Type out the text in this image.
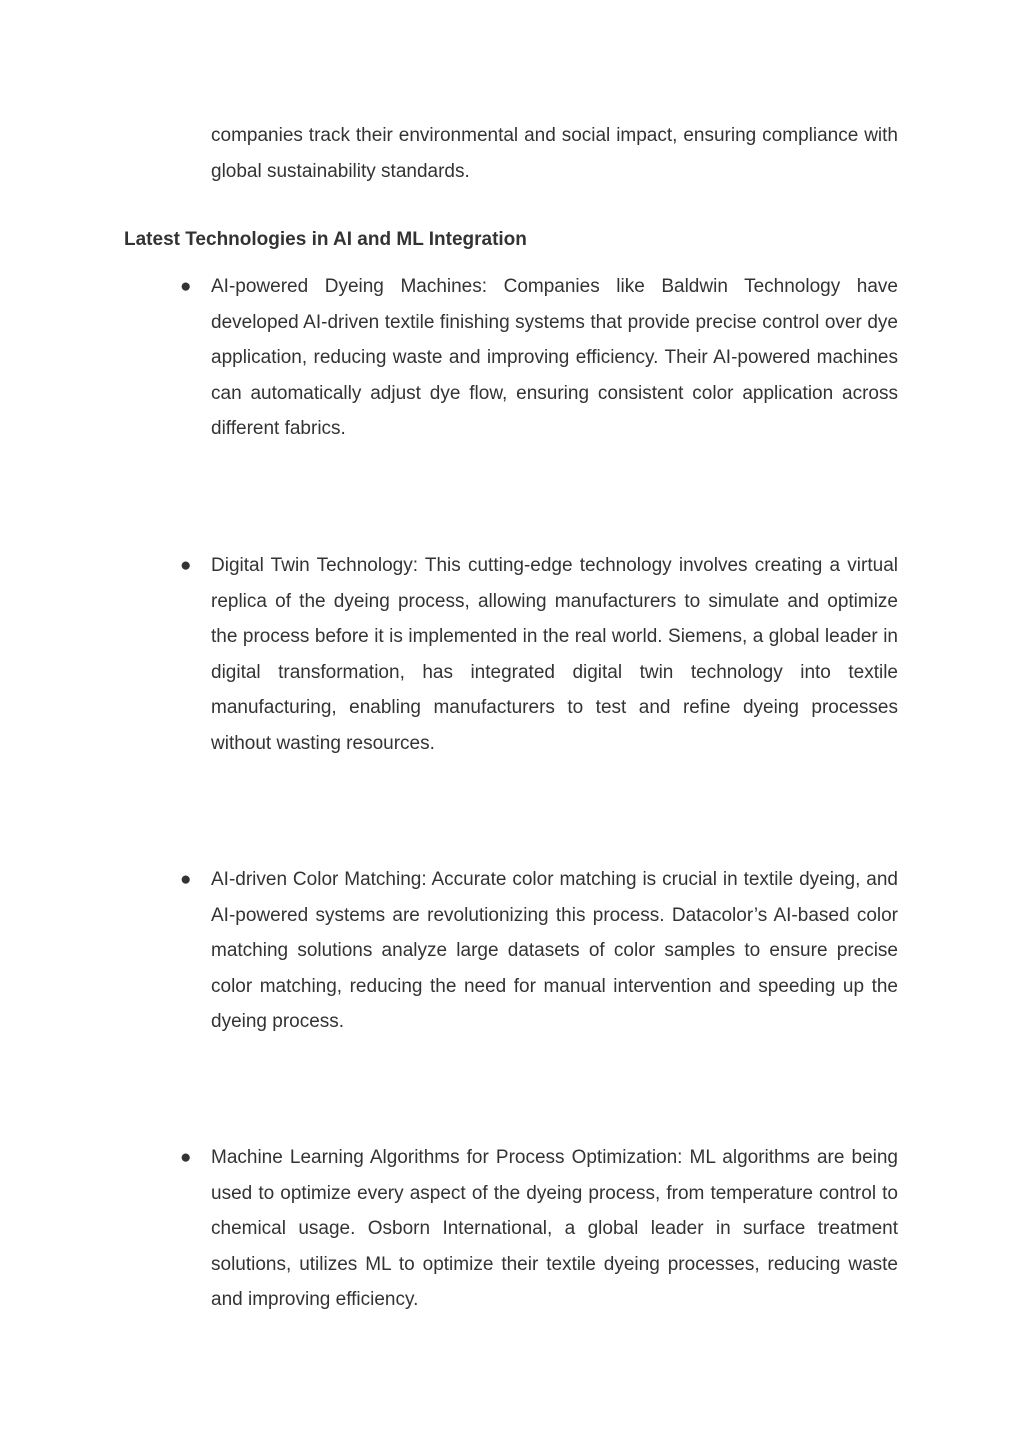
companies track their environmental and social impact, ensuring compliance with global sustainability standards.

Latest Technologies in AI and ML Integration
● AI-powered Dyeing Machines: Companies like Baldwin Technology have developed AI-driven textile finishing systems that provide precise control over dye application, reducing waste and improving efficiency. Their AI-powered machines can automatically adjust dye flow, ensuring consistent color application across different fabrics.
● Digital Twin Technology: This cutting-edge technology involves creating a virtual replica of the dyeing process, allowing manufacturers to simulate and optimize the process before it is implemented in the real world. Siemens, a global leader in digital transformation, has integrated digital twin technology into textile manufacturing, enabling manufacturers to test and refine dyeing processes without wasting resources.
● AI-driven Color Matching: Accurate color matching is crucial in textile dyeing, and AI-powered systems are revolutionizing this process. Datacolor’s AI-based color matching solutions analyze large datasets of color samples to ensure precise color matching, reducing the need for manual intervention and speeding up the dyeing process.
● Machine Learning Algorithms for Process Optimization: ML algorithms are being used to optimize every aspect of the dyeing process, from temperature control to chemical usage. Osborn International, a global leader in surface treatment solutions, utilizes ML to optimize their textile dyeing processes, reducing waste and improving efficiency.
